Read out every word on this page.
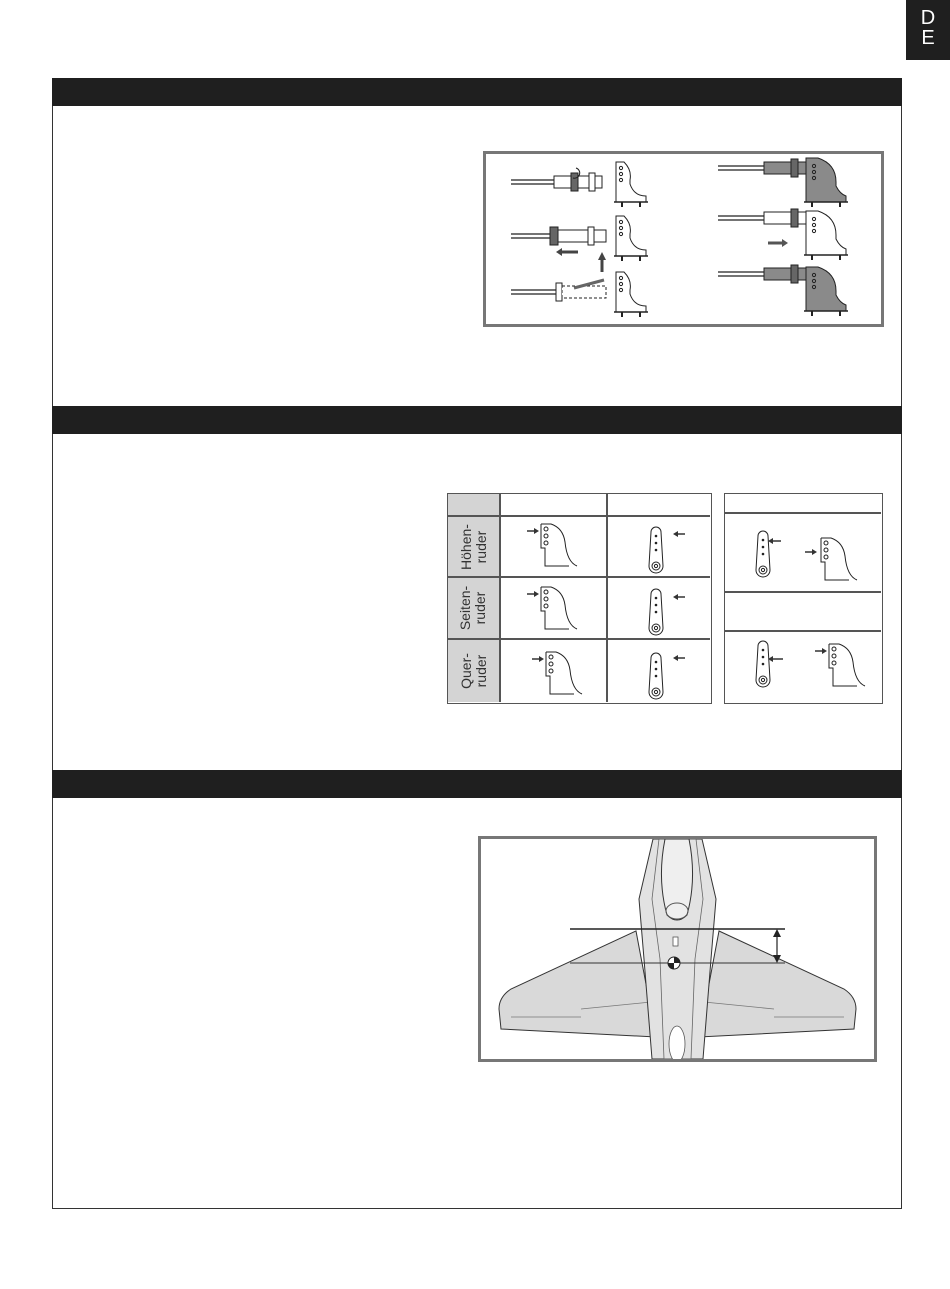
D
E
Höhen-
ruder
Seiten-
ruder
Quer-
ruder
